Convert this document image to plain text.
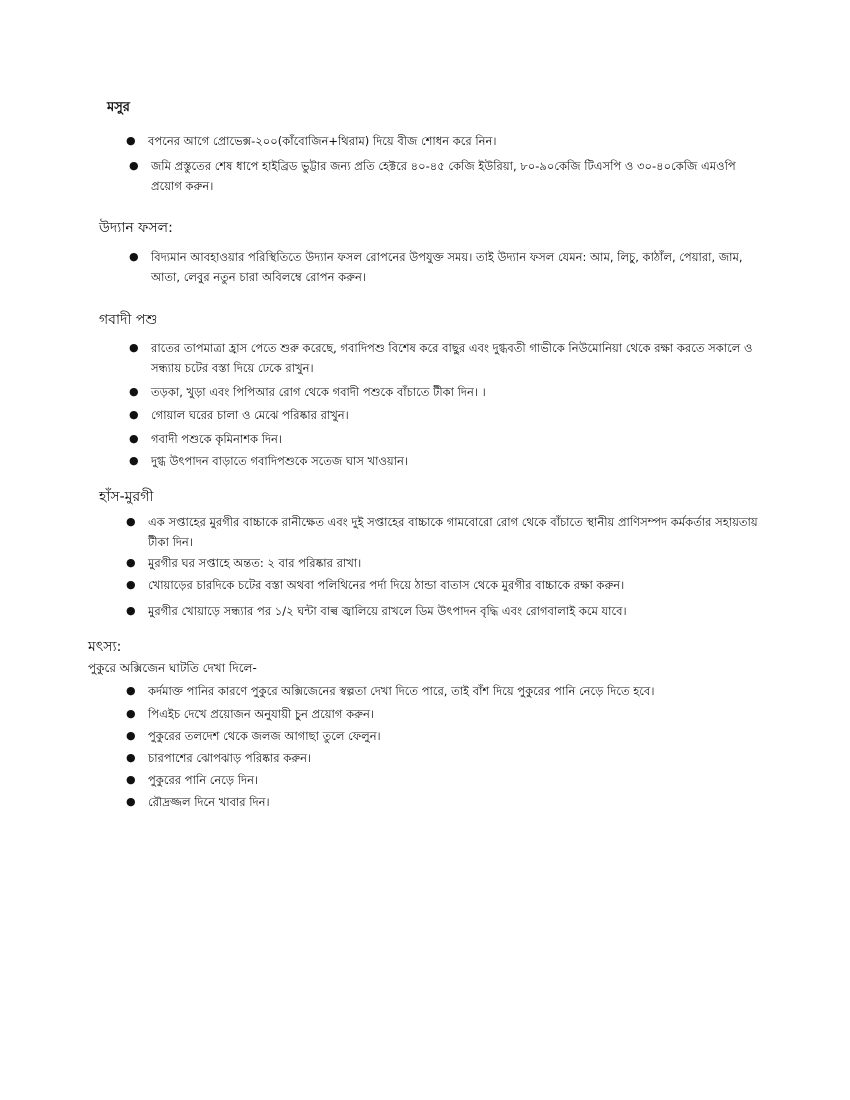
মসুর
● বপনের আগে প্রোভেক্স-২০০(কাঁবোজিন+থিরাম) দিয়ে বীজ শোধন করে নিন।
● জমি প্রস্তুতের শেষ ধাপে হাইব্রিড ভুট্টার জন্য প্রতি হেক্টরে ৪০-৪৫ কেজি ইউরিয়া, ৮০-৯০কেজি টিএসপি ও ৩০-৪০কেজি এমওপি প্রয়োগ করুন।
উদ্যান ফসল:
● বিদ্যমান আবহাওয়ার পরিস্থিতিতে উদ্যান ফসল রোপনের উপযুক্ত সময়। তাই উদ্যান ফসল যেমন: আম, লিচু, কাঠাঁল, পেয়ারা, জাম, আতা, লেবুর নতুন চারা অবিলম্বে রোপন করুন।
গবাদী পশু
● রাতের তাপমাত্রা হ্রাস পেতে শুরু করেছে, গবাদিপশু বিশেষ করে বাছুর এবং দুগ্ধবতী গাভীকে নিউমোনিয়া থেকে রক্ষা করতে সকালে ও সন্ধ্যায় চটের বস্তা দিয়ে ঢেকে রাখুন।
● তড়কা, খুড়া এবং পিপিআর রোগ থেকে গবাদী পশুকে বাঁচাতে টীকা দিন। ।
● গোয়াল ঘরের চালা ও মেঝে পরিষ্কার রাখুন।
● গবাদী পশুকে কৃমিনাশক দিন।
● দুগ্ধ উৎপাদন বাড়াতে গবাদিপশুকে সতেজ ঘাস খাওয়ান।
হাঁস-মুরগী
● এক সপ্তাহের মুরগীর বাচ্চাকে রানীক্ষেত এবং দুই সপ্তাহের বাচ্চাকে গামবোরো রোগ থেকে বাঁচাতে স্থানীয় প্রাণিসম্পদ কর্মকর্তার সহায়তায় টীকা দিন।
● মুরগীর ঘর সপ্তাহে অন্তত: ২ বার পরিষ্কার রাখা।
● খোয়াড়ের চারদিকে চটের বস্তা অথবা পলিথিনের পর্দা দিয়ে ঠান্ডা বাতাস থেকে মুরগীর বাচ্চাকে রক্ষা করুন।
● মুরগীর খোয়াড়ে সন্ধ্যার পর ১/২ ঘন্টা বাল্ব জ্বালিয়ে রাখলে ডিম উৎপাদন বৃদ্ধি এবং রোগবালাই কমে যাবে।
মৎস্য:
পুকুরে অক্সিজেন ঘাটতি দেখা দিলে-
● কর্দমাক্ত পানির কারণে পুকুরে অক্সিজেনের স্বল্পতা দেখা দিতে পারে, তাই বাঁশ দিয়ে পুকুরের পানি নেড়ে দিতে হবে।
● পিএইচ দেখে প্রয়োজন অনুযায়ী চুন প্রয়োগ করুন।
● পুকুরের তলদেশ থেকে জলজ আগাছা তুলে ফেলুন।
● চারপাশের ঝোপঝাড় পরিষ্কার করুন।
● পুকুরের পানি নেড়ে দিন।
● রৌদ্রজ্জল দিনে খাবার দিন।
